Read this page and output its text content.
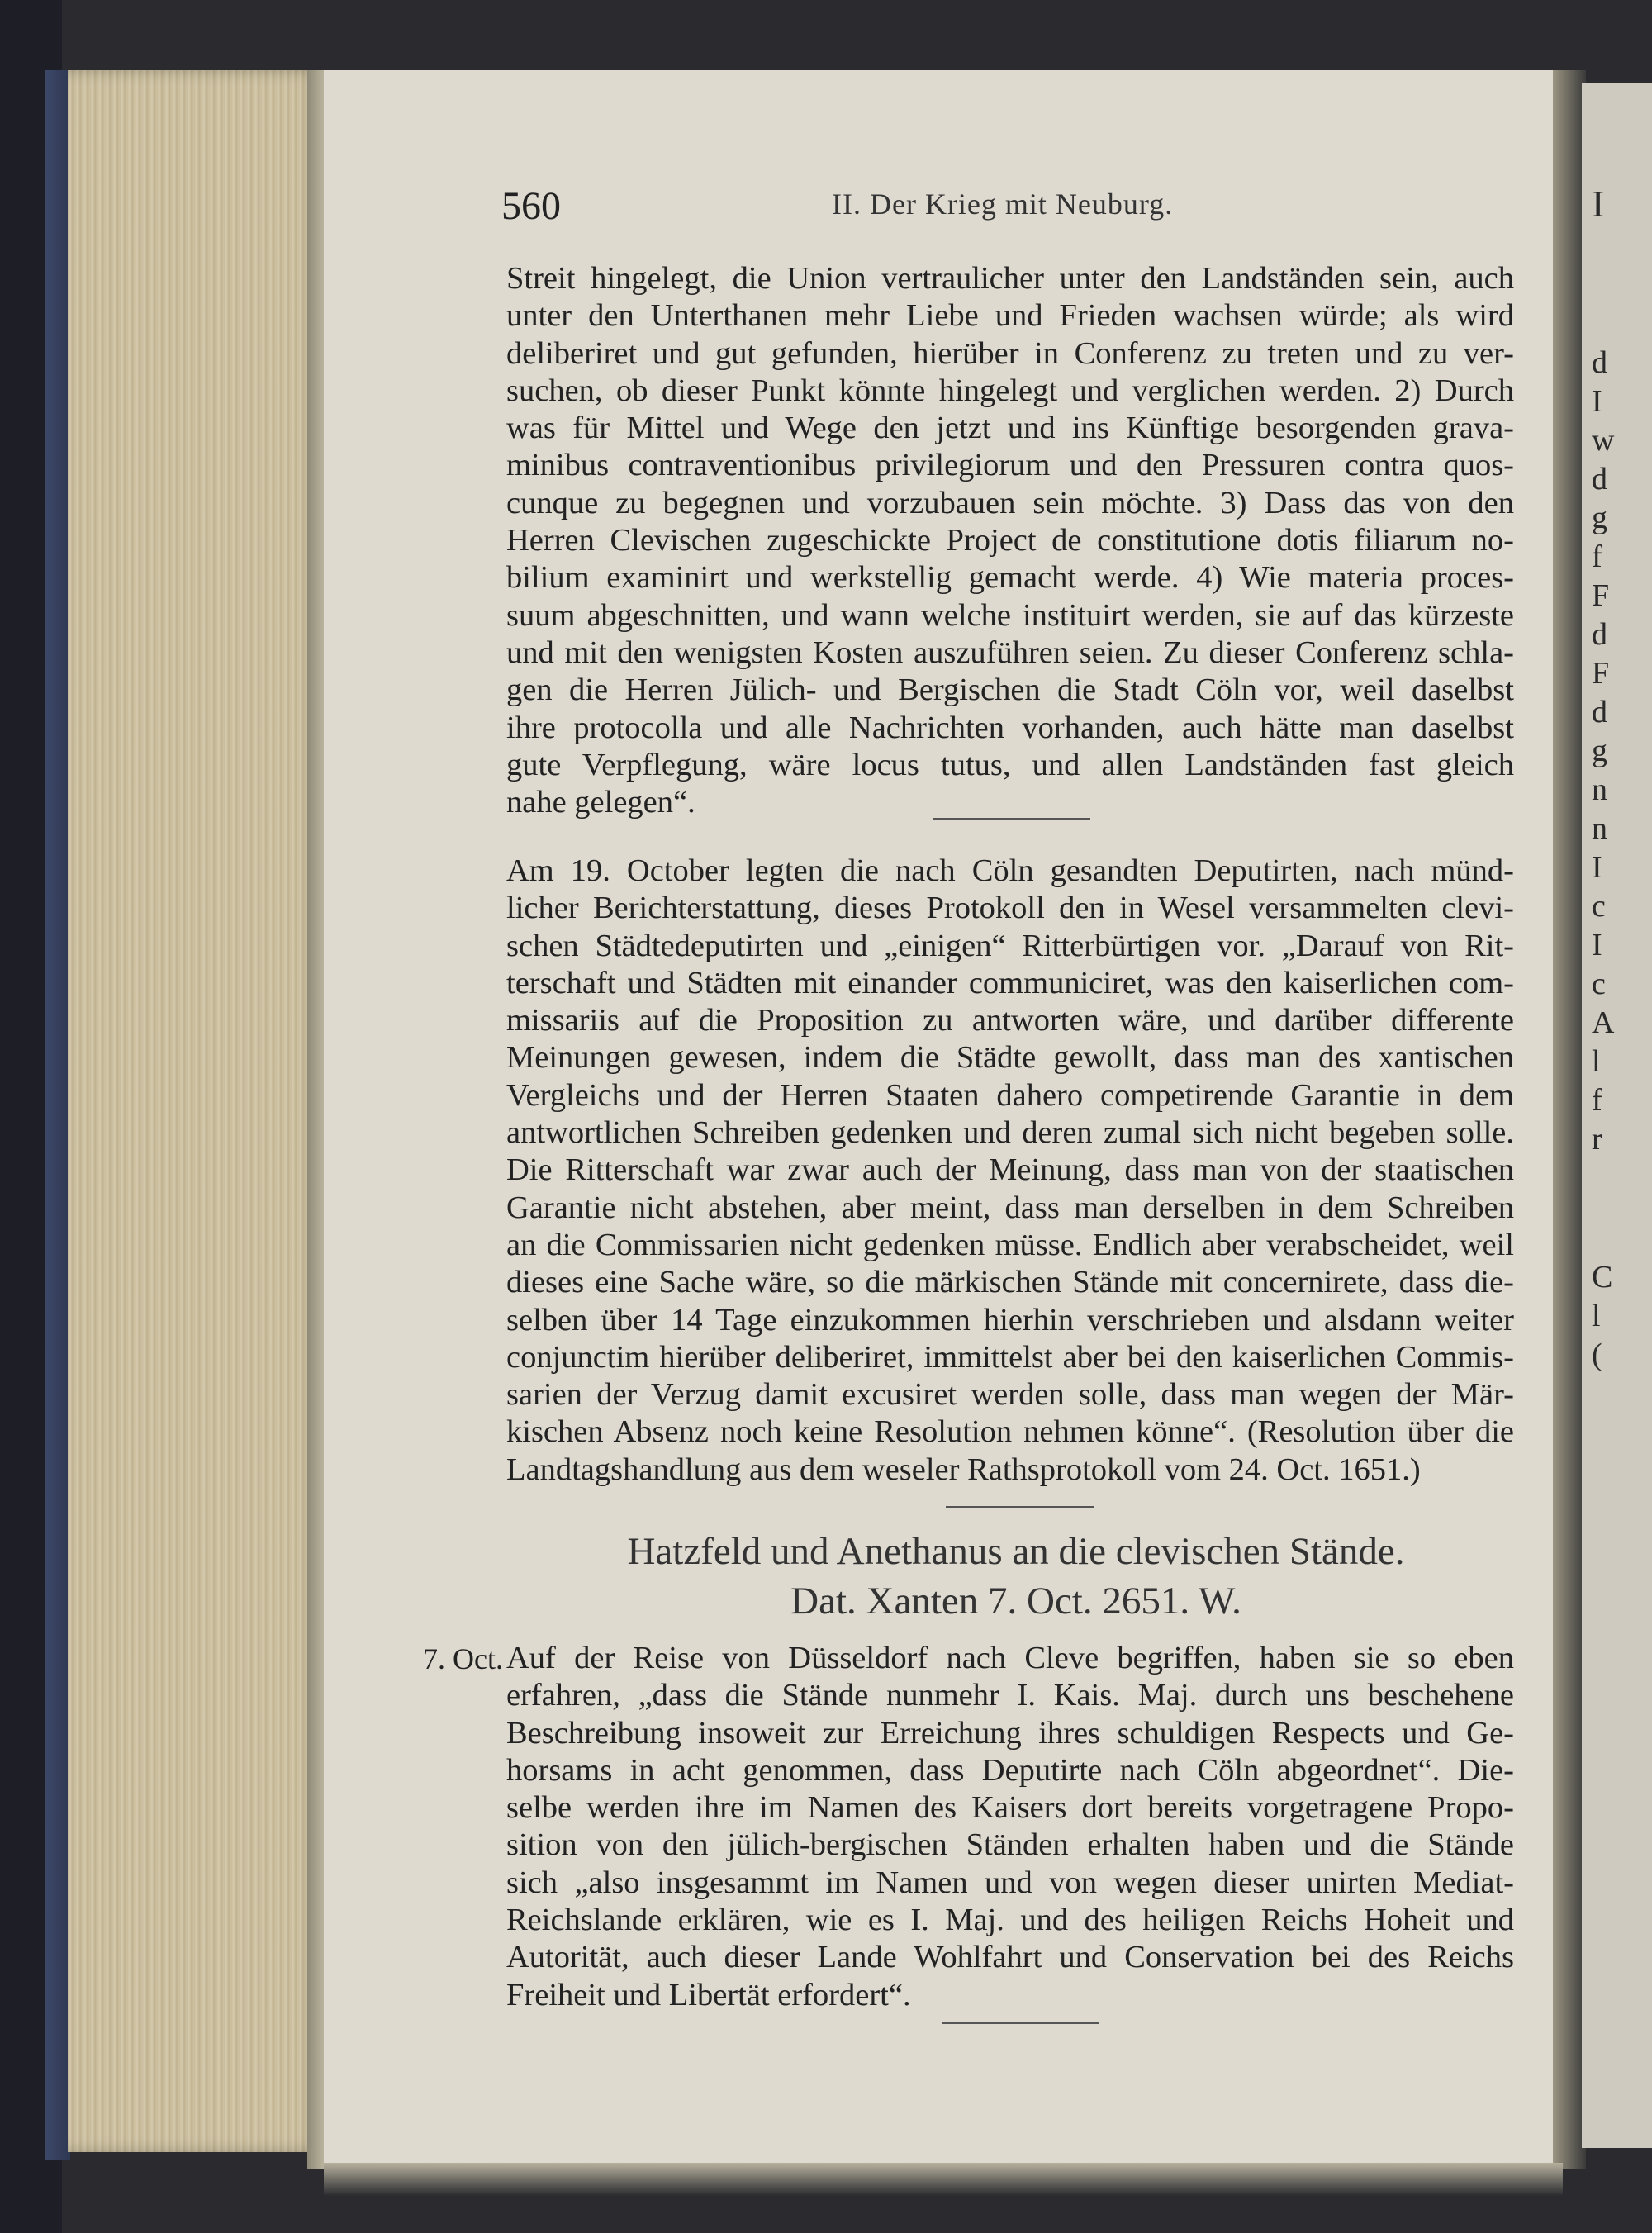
I
d
I
w
d
g
f
F
d
F
d
g
n
n
I
c
I
c
A
l
f
r
C
l
(
560	II. Der Krieg mit Neuburg.
Streit hingelegt, die Union vertraulicher unter den Landständen sein, auch
unter den Unterthanen mehr Liebe und Frieden wachsen würde; als wird
deliberiret und gut gefunden, hierüber in Conferenz zu treten und zu ver-
suchen, ob dieser Punkt könnte hingelegt und verglichen werden. 2) Durch
was für Mittel und Wege den jetzt und ins Künftige besorgenden grava-
minibus contraventionibus privilegiorum und den Pressuren contra quos-
cunque zu begegnen und vorzubauen sein möchte. 3) Dass das von den
Herren Clevischen zugeschickte Project de constitutione dotis filiarum no-
bilium examinirt und werkstellig gemacht werde. 4) Wie materia proces-
suum abgeschnitten, und wann welche instituirt werden, sie auf das kürzeste
und mit den wenigsten Kosten auszuführen seien. Zu dieser Conferenz schla-
gen die Herren Jülich- und Bergischen die Stadt Cöln vor, weil daselbst
ihre protocolla und alle Nachrichten vorhanden, auch hätte man daselbst
gute Verpflegung, wäre locus tutus, und allen Landständen fast gleich
nahe gelegen“.
Am 19. October legten die nach Cöln gesandten Deputirten, nach münd-
licher Berichterstattung, dieses Protokoll den in Wesel versammelten clevi-
schen Städtedeputirten und „einigen“ Ritterbürtigen vor. „Darauf von Rit-
terschaft und Städten mit einander communiciret, was den kaiserlichen com-
missariis auf die Proposition zu antworten wäre, und darüber differente
Meinungen gewesen, indem die Städte gewollt, dass man des xantischen
Vergleichs und der Herren Staaten dahero competirende Garantie in dem
antwortlichen Schreiben gedenken und deren zumal sich nicht begeben solle.
Die Ritterschaft war zwar auch der Meinung, dass man von der staatischen
Garantie nicht abstehen, aber meint, dass man derselben in dem Schreiben
an die Commissarien nicht gedenken müsse. Endlich aber verabscheidet, weil
dieses eine Sache wäre, so die märkischen Stände mit concernirete, dass die-
selben über 14 Tage einzukommen hierhin verschrieben und alsdann weiter
conjunctim hierüber deliberiret, immittelst aber bei den kaiserlichen Commis-
sarien der Verzug damit excusiret werden solle, dass man wegen der Mär-
kischen Absenz noch keine Resolution nehmen könne“. (Resolution über die
Landtagshandlung aus dem weseler Rathsprotokoll vom 24. Oct. 1651.)
Hatzfeld und Anethanus an die clevischen Stände.
Dat. Xanten 7. Oct. 2651. W.
7. Oct. Auf der Reise von Düsseldorf nach Cleve begriffen, haben sie so eben
erfahren, „dass die Stände nunmehr I. Kais. Maj. durch uns beschehene
Beschreibung insoweit zur Erreichung ihres schuldigen Respects und Ge-
horsams in acht genommen, dass Deputirte nach Cöln abgeordnet“. Die-
selbe werden ihre im Namen des Kaisers dort bereits vorgetragene Propo-
sition von den jülich-bergischen Ständen erhalten haben und die Stände
sich „also insgesammt im Namen und von wegen dieser unirten Mediat-
Reichslande erklären, wie es I. Maj. und des heiligen Reichs Hoheit und
Autorität, auch dieser Lande Wohlfahrt und Conservation bei des Reichs
Freiheit und Libertät erfordert“.
